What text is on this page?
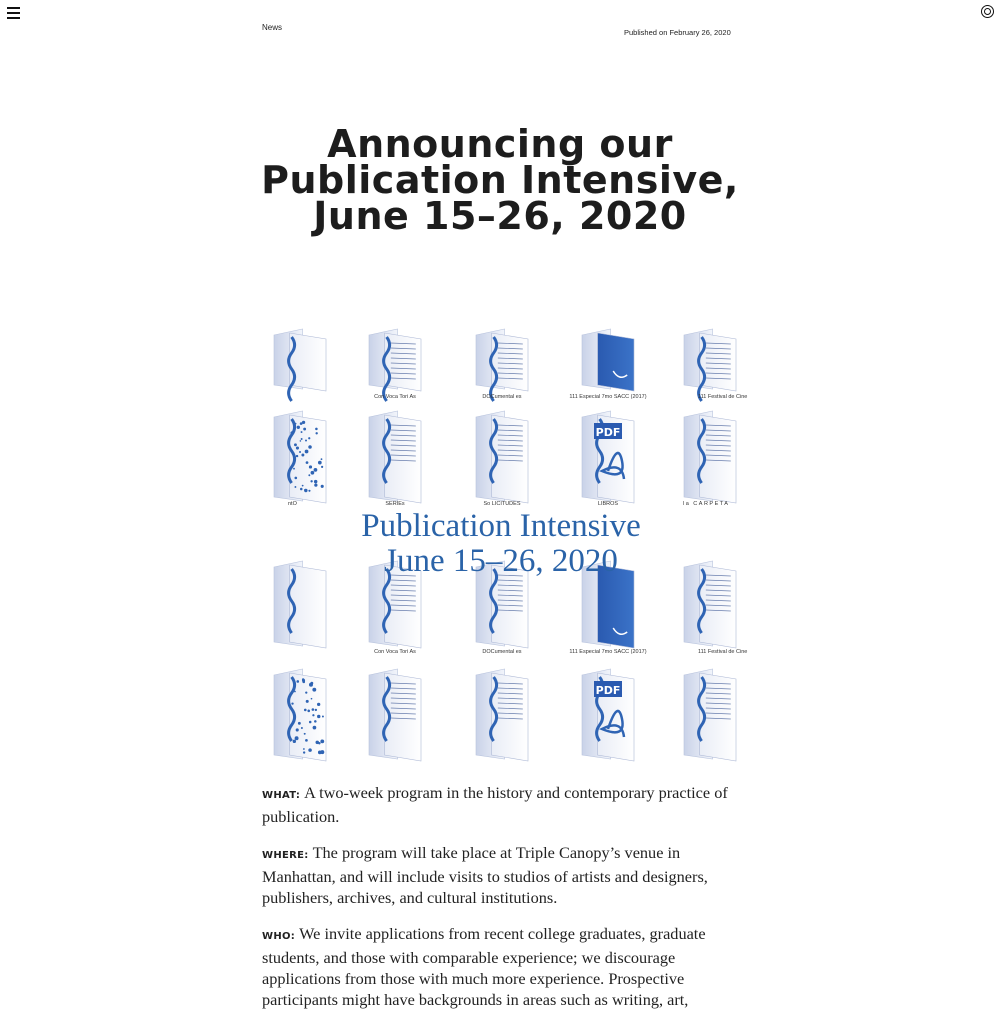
News
Published on February 26, 2020
Announcing our
Publication Intensive,
June 15–26, 2020
Publication Intensive
June 15–26, 2020
Con Voca Tori As	DOCumental es	111 Especial 7mo SACC (2017)	111 Festival de Cine
ntO	SERIEs	So LICITUDES	LIBROS	la CARPETA
Con Voca Tori As	DOCumental es	111 Especial 7mo SACC (2017)	111 Festival de Cine
PDF
PDF

WHAT: A two-week program in the history and contemporary practice of publication.

WHERE: The program will take place at Triple Canopy’s venue in Manhattan, and will include visits to studios of artists and designers, publishers, archives, and cultural institutions.

WHO: We invite applications from recent college graduates, graduate students, and those with comparable experience; we discourage applications from those with much more experience. Prospective participants might have backgrounds in areas such as writing, art,
